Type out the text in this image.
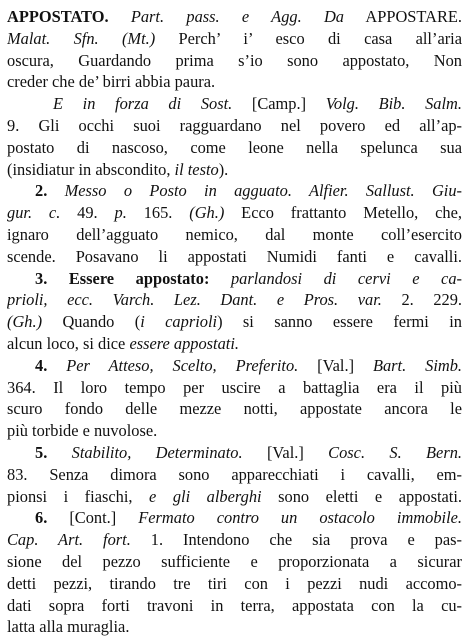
APPOSTATO. Part. pass. e Agg. Da APPOSTARE.
Malat. Sfn. (Mt.) Perch’ i’ esco di casa all’aria
oscura, Guardando prima s’io sono appostato, Non
creder che de’ birri abbia paura.
E in forza di Sost. [Camp.] Volg. Bib. Salm.
9. Gli occhi suoi ragguardano nel povero ed all’ap-
postato di nascoso, come leone nella spelunca sua
(insidiatur in abscondito, il testo).
2. Messo o Posto in agguato. Alfier. Sallust. Giu-
gur. c. 49. p. 165. (Gh.) Ecco frattanto Metello, che,
ignaro dell’agguato nemico, dal monte coll’esercito
scende. Posavano li appostati Numidi fanti e cavalli.
3. Essere appostato: parlandosi di cervi e ca-
prioli, ecc. Varch. Lez. Dant. e Pros. var. 2. 229.
(Gh.) Quando (i caprioli) si sanno essere fermi in
alcun loco, si dice essere appostati.
4. Per Atteso, Scelto, Preferito. [Val.] Bart. Simb.
364. Il loro tempo per uscire a battaglia era il più
scuro fondo delle mezze notti, appostate ancora le
più torbide e nuvolose.
5. Stabilito, Determinato. [Val.] Cosc. S. Bern.
83. Senza dimora sono apparecchiati i cavalli, em-
pionsi i fiaschi, e gli alberghi sono eletti e appostati.
6. [Cont.] Fermato contro un ostacolo immobile.
Cap. Art. fort. 1. Intendono che sia prova e pas-
sione del pezzo sufficiente e proporzionata a sicurar
detti pezzi, tirando tre tiri con i pezzi nudi accomo-
dati sopra forti travoni in terra, appostata con la cu-
latta alla muraglia.
